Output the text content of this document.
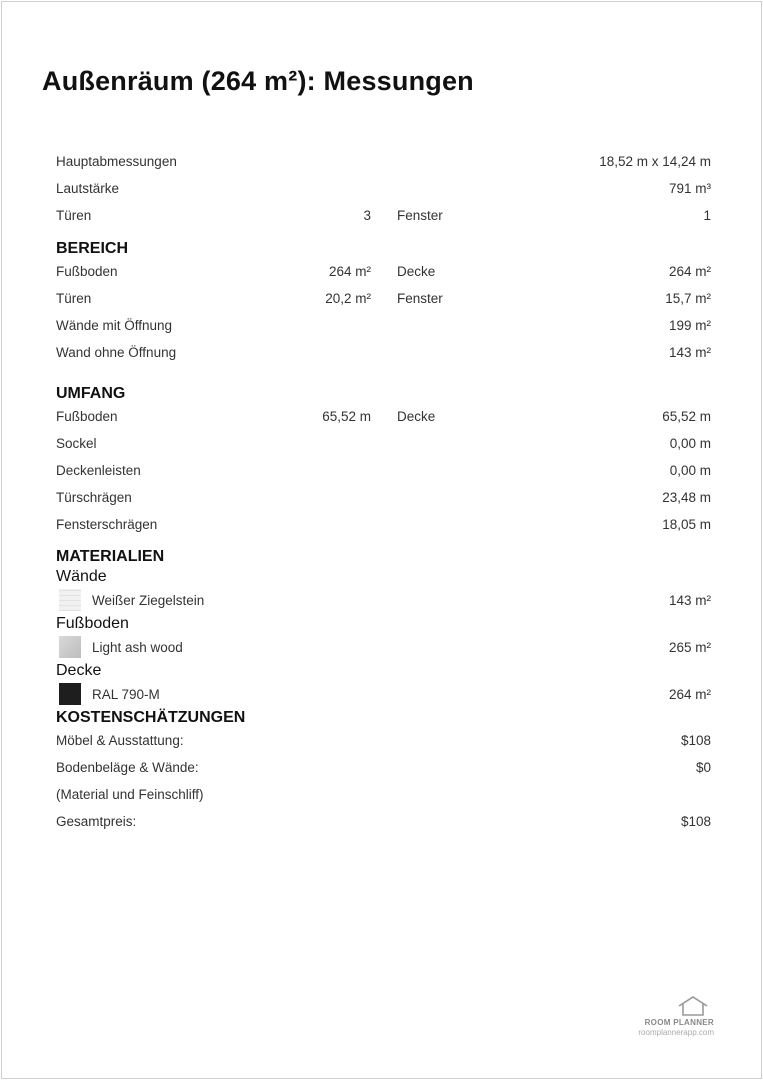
Außenräum (264 m²): Messungen
Hauptabmessungen	18,52 m x 14,24 m
Lautstärke	791 m³
Türen	3 Fenster	1
BEREICH
Fußboden	264 m² Decke	264 m²
Türen	20,2 m² Fenster	15,7 m²
Wände mit Öffnung	199 m²
Wand ohne Öffnung	143 m²
UMFANG
Fußboden	65,52 m Decke	65,52 m
Sockel	0,00 m
Deckenleisten	0,00 m
Türschrägen	23,48 m
Fensterschrägen	18,05 m
MATERIALIEN
Wände
Weißer Ziegelstein	143 m²
Fußboden
Light ash wood	265 m²
Decke
RAL 790-M	264 m²
KOSTENSCHÄTZUNGEN
Möbel & Ausstattung:	$108
Bodenbeläge & Wände:	$0
(Material und Feinschliff)
Gesamtpreis:	$108
ROOM PLANNER
roomplannerapp.com
